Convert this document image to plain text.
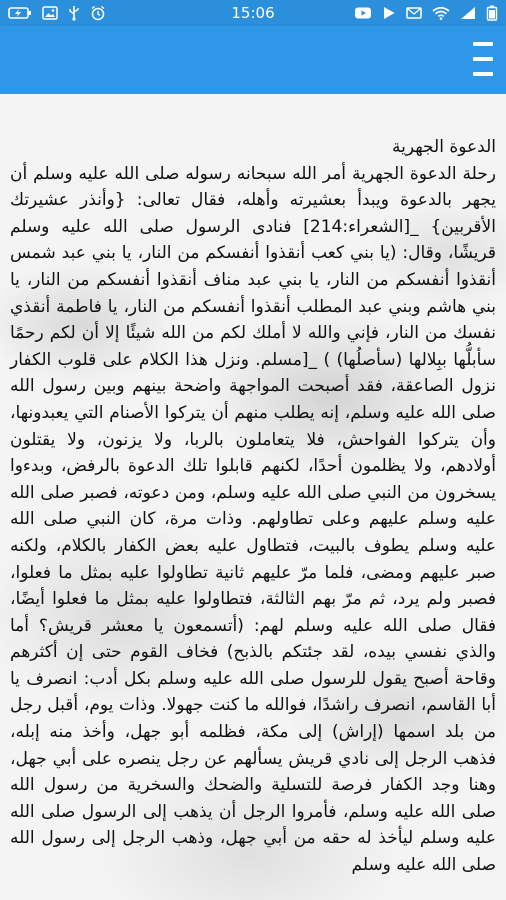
15:06

الدعوة الجهرية
رحلة الدعوة الجهرية أمر الله سبحانه رسوله صلى الله عليه وسلم أن يجهر بالدعوة ويبدأ بعشيرته وأهله، فقال تعالى: {وأنذر عشيرتك الأقربين} _[الشعراء:214] فنادى الرسول صلى الله عليه وسلم قريشًا، وقال: (يا بني كعب أنقذوا أنفسكم من النار، يا بني عبد شمس أنقذوا أنفسكم من النار، يا بني عبد مناف أنقذوا أنفسكم من النار، يا بني هاشم وبني عبد المطلب أنقذوا أنفسكم من النار، يا فاطمة أنقذي نفسك من النار، فإني والله لا أملك لكم من الله شيئًا إلا أن لكم رحمًا سأبلُّها ببِلالها (سأصلُها) ) _[مسلم. ونزل هذا الكلام على قلوب الكفار نزول الصاعقة، فقد أصبحت المواجهة واضحة بينهم وبين رسول الله صلى الله عليه وسلم، إنه يطلب منهم أن يتركوا الأصنام التي يعبدونها، وأن يتركوا الفواحش، فلا يتعاملون بالربا، ولا يزنون، ولا يقتلون أولادهم، ولا يظلمون أحدًا، لكنهم قابلوا تلك الدعوة بالرفض، وبدءوا يسخرون من النبي صلى الله عليه وسلم، ومن دعوته، فصبر صلى الله عليه وسلم عليهم وعلى تطاولهم. وذات مرة، كان النبي صلى الله عليه وسلم يطوف بالبيت، فتطاول عليه بعض الكفار بالكلام، ولكنه صبر عليهم ومضى، فلما مرّ عليهم ثانية تطاولوا عليه بمثل ما فعلوا، فصبر ولم يرد، ثم مرّ بهم الثالثة، فتطاولوا عليه بمثل ما فعلوا أيضًا، فقال صلى الله عليه وسلم لهم: (أتسمعون يا معشر قريش؟ أما والذي نفسي بيده، لقد جئتكم بالذبح) فخاف القوم حتى إن أكثرهم وقاحة أصبح يقول للرسول صلى الله عليه وسلم بكل أدب: انصرف يا أبا القاسم، انصرف راشدًا، فوالله ما كنت جهولا. وذات يوم، أقبل رجل من بلد اسمها (إراش) إلى مكة، فظلمه أبو جهل، وأخذ منه إبله، فذهب الرجل إلى نادي قريش يسألهم عن رجل ينصره على أبي جهل، وهنا وجد الكفار فرصة للتسلية والضحك والسخرية من رسول الله صلى الله عليه وسلم، فأمروا الرجل أن يذهب إلى الرسول صلى الله عليه وسلم ليأخذ له حقه من أبي جهل، وذهب الرجل إلى رسول الله صلى الله عليه وسلم
